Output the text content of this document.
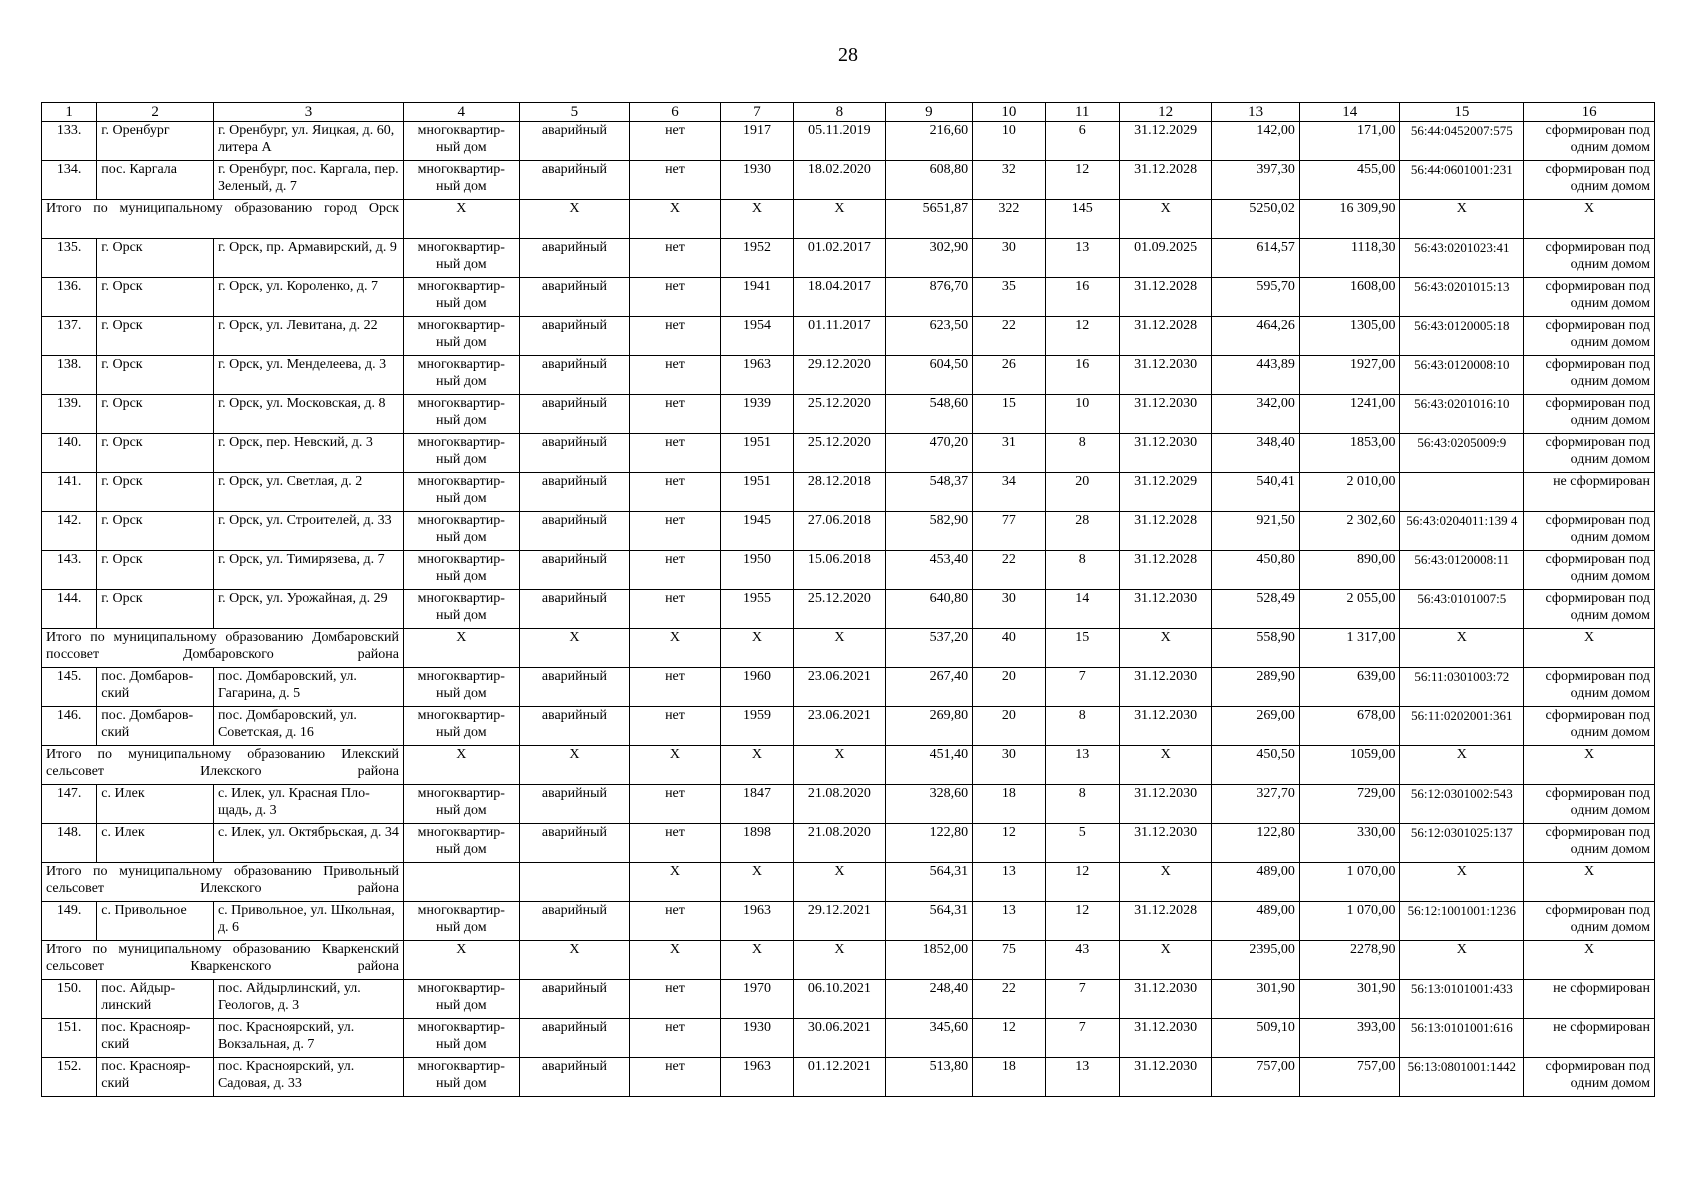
28
1	2	3	4	5	6	7	8	9	10	11	12	13	14	15	16
133.	г. Оренбург	г. Оренбург, ул. Яицкая, д. 60, литера А	многоквартир-ный дом	аварийный	нет	1917	05.11.2019	216,60	10	6	31.12.2029	142,00	171,00	56:44:0452007:575	сформирован под одним домом
134.	пос. Каргала	г. Оренбург, пос. Каргала, пер. Зеленый, д. 7	многоквартир-ный дом	аварийный	нет	1930	18.02.2020	608,80	32	12	31.12.2028	397,30	455,00	56:44:0601001:231	сформирован под одним домом
Итого по муниципальному образованию город Орск			X	X	X	X	X	5651,87	322	145	X	5250,02	16 309,90	X	X
135.	г. Орск	г. Орск, пр. Армавирский, д. 9	многоквартир-ный дом	аварийный	нет	1952	01.02.2017	302,90	30	13	01.09.2025	614,57	1118,30	56:43:0201023:41	сформирован под одним домом
136.	г. Орск	г. Орск, ул. Короленко, д. 7	многоквартир-ный дом	аварийный	нет	1941	18.04.2017	876,70	35	16	31.12.2028	595,70	1608,00	56:43:0201015:13	сформирован под одним домом
137.	г. Орск	г. Орск, ул. Левитана, д. 22	многоквартир-ный дом	аварийный	нет	1954	01.11.2017	623,50	22	12	31.12.2028	464,26	1305,00	56:43:0120005:18	сформирован под одним домом
138.	г. Орск	г. Орск, ул. Менделеева, д. 3	многоквартир-ный дом	аварийный	нет	1963	29.12.2020	604,50	26	16	31.12.2030	443,89	1927,00	56:43:0120008:10	сформирован под одним домом
139.	г. Орск	г. Орск, ул. Московская, д. 8	многоквартир-ный дом	аварийный	нет	1939	25.12.2020	548,60	15	10	31.12.2030	342,00	1241,00	56:43:0201016:10	сформирован под одним домом
140.	г. Орск	г. Орск, пер. Невский, д. 3	многоквартир-ный дом	аварийный	нет	1951	25.12.2020	470,20	31	8	31.12.2030	348,40	1853,00	56:43:0205009:9	сформирован под одним домом
141.	г. Орск	г. Орск, ул. Светлая, д. 2	многоквартир-ный дом	аварийный	нет	1951	28.12.2018	548,37	34	20	31.12.2029	540,41	2 010,00		не сформирован
142.	г. Орск	г. Орск, ул. Строителей, д. 33	многоквартир-ный дом	аварийный	нет	1945	27.06.2018	582,90	77	28	31.12.2028	921,50	2 302,60	56:43:0204011:139 4	сформирован под одним домом
143.	г. Орск	г. Орск, ул. Тимирязева, д. 7	многоквартир-ный дом	аварийный	нет	1950	15.06.2018	453,40	22	8	31.12.2028	450,80	890,00	56:43:0120008:11	сформирован под одним домом
144.	г. Орск	г. Орск, ул. Урожайная, д. 29	многоквартир-ный дом	аварийный	нет	1955	25.12.2020	640,80	30	14	31.12.2030	528,49	2 055,00	56:43:0101007:5	сформирован под одним домом
Итого по муниципальному образованию Домбаровский поссовет Домбаровского района			X	X	X	X	X	537,20	40	15	X	558,90	1 317,00	X	X
145.	пос. Домбаров-ский	пос. Домбаровский, ул. Гагарина, д. 5	многоквартир-ный дом	аварийный	нет	1960	23.06.2021	267,40	20	7	31.12.2030	289,90	639,00	56:11:0301003:72	сформирован под одним домом
146.	пос. Домбаров-ский	пос. Домбаровский, ул. Советская, д. 16	многоквартир-ный дом	аварийный	нет	1959	23.06.2021	269,80	20	8	31.12.2030	269,00	678,00	56:11:0202001:361	сформирован под одним домом
Итого по муниципальному образованию Илекский сельсовет Илекского района			X	X	X	X	X	451,40	30	13	X	450,50	1059,00	X	X
147.	с. Илек	с. Илек, ул. Красная Пло-щадь, д. 3	многоквартир-ный дом	аварийный	нет	1847	21.08.2020	328,60	18	8	31.12.2030	327,70	729,00	56:12:0301002:543	сформирован под одним домом
148.	с. Илек	с. Илек, ул. Октябрьская, д. 34	многоквартир-ный дом	аварийный	нет	1898	21.08.2020	122,80	12	5	31.12.2030	122,80	330,00	56:12:0301025:137	сформирован под одним домом
Итого по муниципальному образованию Привольный сельсовет Илекского района					X	X	X	564,31	13	12	X	489,00	1 070,00	X	X
149.	с. Привольное	с. Привольное, ул. Школьная, д. 6	многоквартир-ный дом	аварийный	нет	1963	29.12.2021	564,31	13	12	31.12.2028	489,00	1 070,00	56:12:1001001:1236	сформирован под одним домом
Итого по муниципальному образованию Кваркенский сельсовет Кваркенского района			X	X	X	X	X	1852,00	75	43	X	2395,00	2278,90	X	X
150.	пос. Айдыр-линский	пос. Айдырлинский, ул. Геологов, д. 3	многоквартир-ный дом	аварийный	нет	1970	06.10.2021	248,40	22	7	31.12.2030	301,90	301,90	56:13:0101001:433	не сформирован
151.	пос. Краснояр-ский	пос. Красноярский, ул. Вокзальная, д. 7	многоквартир-ный дом	аварийный	нет	1930	30.06.2021	345,60	12	7	31.12.2030	509,10	393,00	56:13:0101001:616	не сформирован
152.	пос. Краснояр-ский	пос. Красноярский, ул. Садовая, д. 33	многоквартир-ный дом	аварийный	нет	1963	01.12.2021	513,80	18	13	31.12.2030	757,00	757,00	56:13:0801001:1442	сформирован под одним домом
